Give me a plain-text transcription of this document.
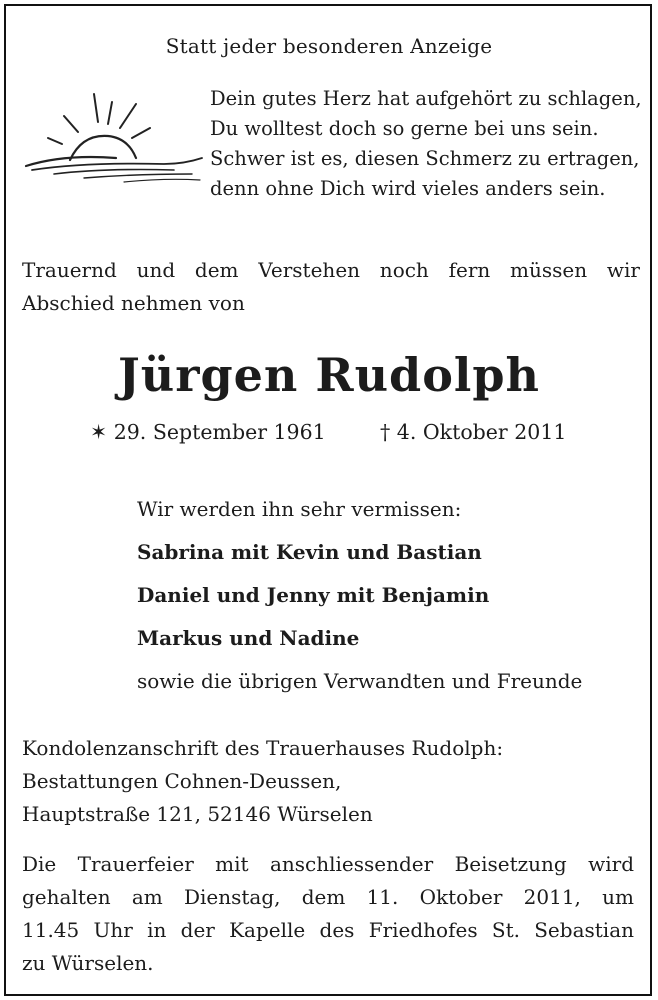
Statt jeder besonderen Anzeige
Dein gutes Herz hat aufgehört zu schlagen,
Du wolltest doch so gerne bei uns sein.
Schwer ist es, diesen Schmerz zu ertragen,
denn ohne Dich wird vieles anders sein.
Trauernd und dem Verstehen noch fern müssen wir
Abschied nehmen von
Jürgen Rudolph
✶ 29. September 1961	† 4. Oktober 2011
Wir werden ihn sehr vermissen:
Sabrina mit Kevin und Bastian
Daniel und Jenny mit Benjamin
Markus und Nadine
sowie die übrigen Verwandten und Freunde
Kondolenzanschrift des Trauerhauses Rudolph:
Bestattungen Cohnen-Deussen,
Hauptstraße 121, 52146 Würselen
Die Trauerfeier mit anschliessender Beisetzung wird
gehalten am Dienstag, dem 11. Oktober 2011, um
11.45 Uhr in der Kapelle des Friedhofes St. Sebastian
zu Würselen.
